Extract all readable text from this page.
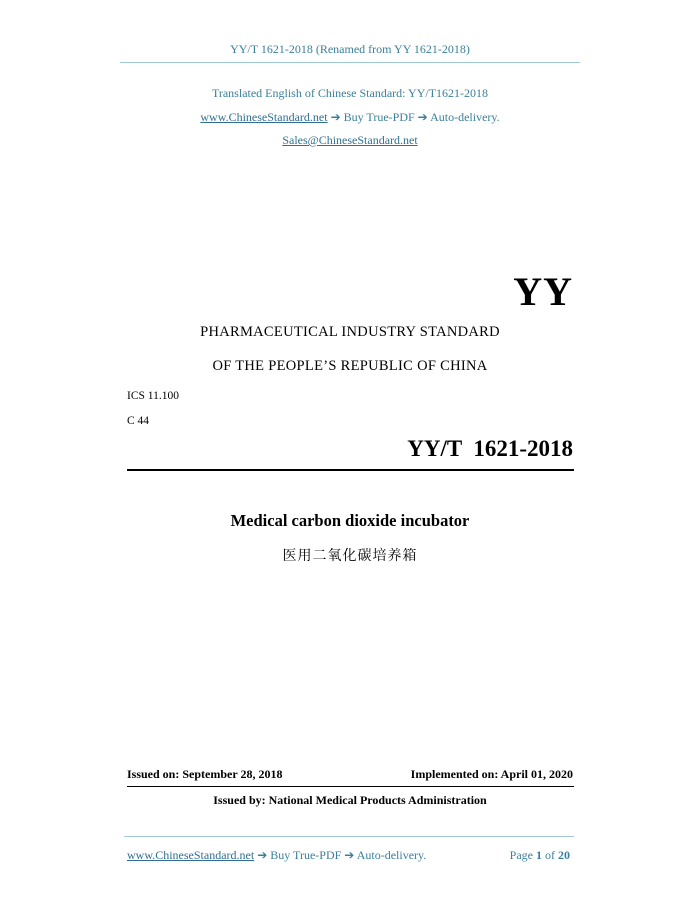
YY/T 1621-2018 (Renamed from YY 1621-2018)
Translated English of Chinese Standard: YY/T1621-2018
www.ChineseStandard.net ➔ Buy True-PDF ➔ Auto-delivery.
Sales@ChineseStandard.net
YY
PHARMACEUTICAL INDUSTRY STANDARD
OF THE PEOPLE’S REPUBLIC OF CHINA
ICS 11.100
C 44
YY/T  1621-2018
Medical carbon dioxide incubator
医用二氧化碳培养箱
Issued on: September 28, 2018	Implemented on: April 01, 2020
Issued by: National Medical Products Administration
www.ChineseStandard.net ➔ Buy True-PDF ➔ Auto-delivery.	Page 1 of 20
